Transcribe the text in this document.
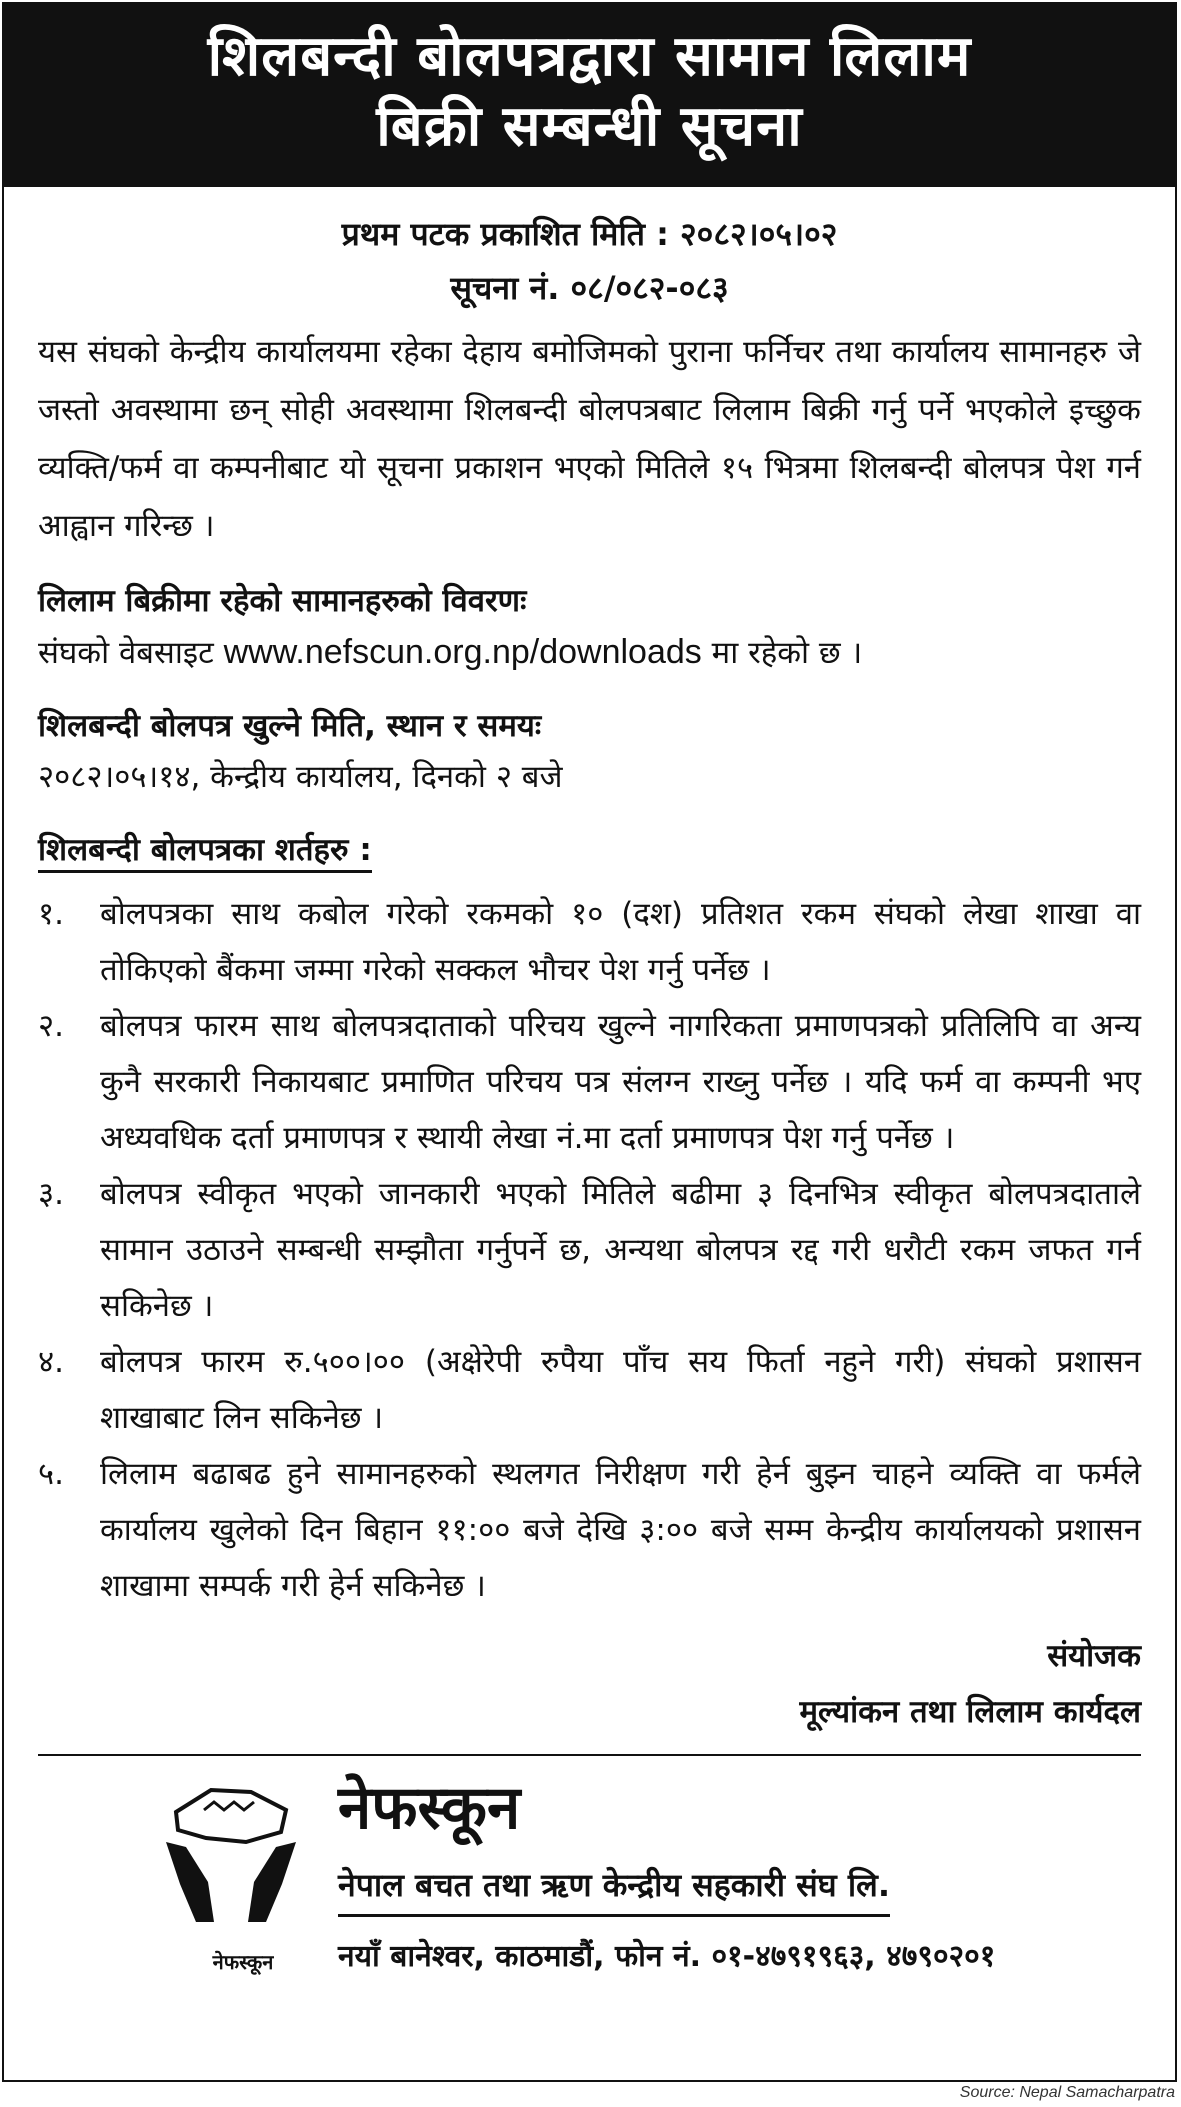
शिलबन्दी बोलपत्रद्वारा सामान लिलाम
बिक्री सम्बन्धी सूचना
प्रथम पटक प्रकाशित मिति : २०८२।०५।०२
सूचना नं. ०८/०८२-०८३

यस संघको केन्द्रीय कार्यालयमा रहेका देहाय बमोजिमको पुराना फर्निचर तथा कार्यालय सामानहरु जे जस्तो अवस्थामा छन् सोही अवस्थामा शिलबन्दी बोलपत्रबाट लिलाम बिक्री गर्नु पर्ने भएकोले इच्छुक व्यक्ति/फर्म वा कम्पनीबाट यो सूचना प्रकाशन भएको मितिले १५ भित्रमा शिलबन्दी बोलपत्र पेश गर्न आह्वान गरिन्छ ।

लिलाम बिक्रीमा रहेको सामानहरुको विवरणः
संघको वेबसाइट www.nefscun.org.np/downloads मा रहेको छ ।
शिलबन्दी बोलपत्र खुल्ने मिति, स्थान र समयः
२०८२।०५।१४, केन्द्रीय कार्यालय, दिनको २ बजे
शिलबन्दी बोलपत्रका शर्तहरु :
१.	बोलपत्रका साथ कबोल गरेको रकमको १० (दश) प्रतिशत रकम संघको लेखा शाखा वा तोकिएको बैंकमा जम्मा गरेको सक्कल भौचर पेश गर्नु पर्नेछ ।
२.	बोलपत्र फारम साथ बोलपत्रदाताको परिचय खुल्ने नागरिकता प्रमाणपत्रको प्रतिलिपि वा अन्य कुनै सरकारी निकायबाट प्रमाणित परिचय पत्र संलग्न राख्नु पर्नेछ । यदि फर्म वा कम्पनी भए अध्यवधिक दर्ता प्रमाणपत्र र स्थायी लेखा नं.मा दर्ता प्रमाणपत्र पेश गर्नु पर्नेछ ।
३.	बोलपत्र स्वीकृत भएको जानकारी भएको मितिले बढीमा ३ दिनभित्र स्वीकृत बोलपत्रदाताले सामान उठाउने सम्बन्धी सम्झौता गर्नुपर्ने छ, अन्यथा बोलपत्र रद्द गरी धरौटी रकम जफत गर्न सकिनेछ ।
४.	बोलपत्र फारम रु.५००।०० (अक्षेरेपी रुपैया पाँच सय फिर्ता नहुने गरी) संघको प्रशासन शाखाबाट लिन सकिनेछ ।
५.	लिलाम बढाबढ हुने सामानहरुको स्थलगत निरीक्षण गरी हेर्न बुझ्न चाहने व्यक्ति वा फर्मले कार्यालय खुलेको दिन बिहान ११:०० बजे देखि ३:०० बजे सम्म केन्द्रीय कार्यालयको प्रशासन शाखामा सम्पर्क गरी हेर्न सकिनेछ ।
संयोजक
मूल्यांकन तथा लिलाम कार्यदल
नेफस्कून
नेफस्कून
नेपाल बचत तथा ऋण केन्द्रीय सहकारी संघ लि.
नयाँ बानेश्वर, काठमाडौं, फोन नं. ०१-४७९१९६३, ४७९०२०१
Source: Nepal Samacharpatra
